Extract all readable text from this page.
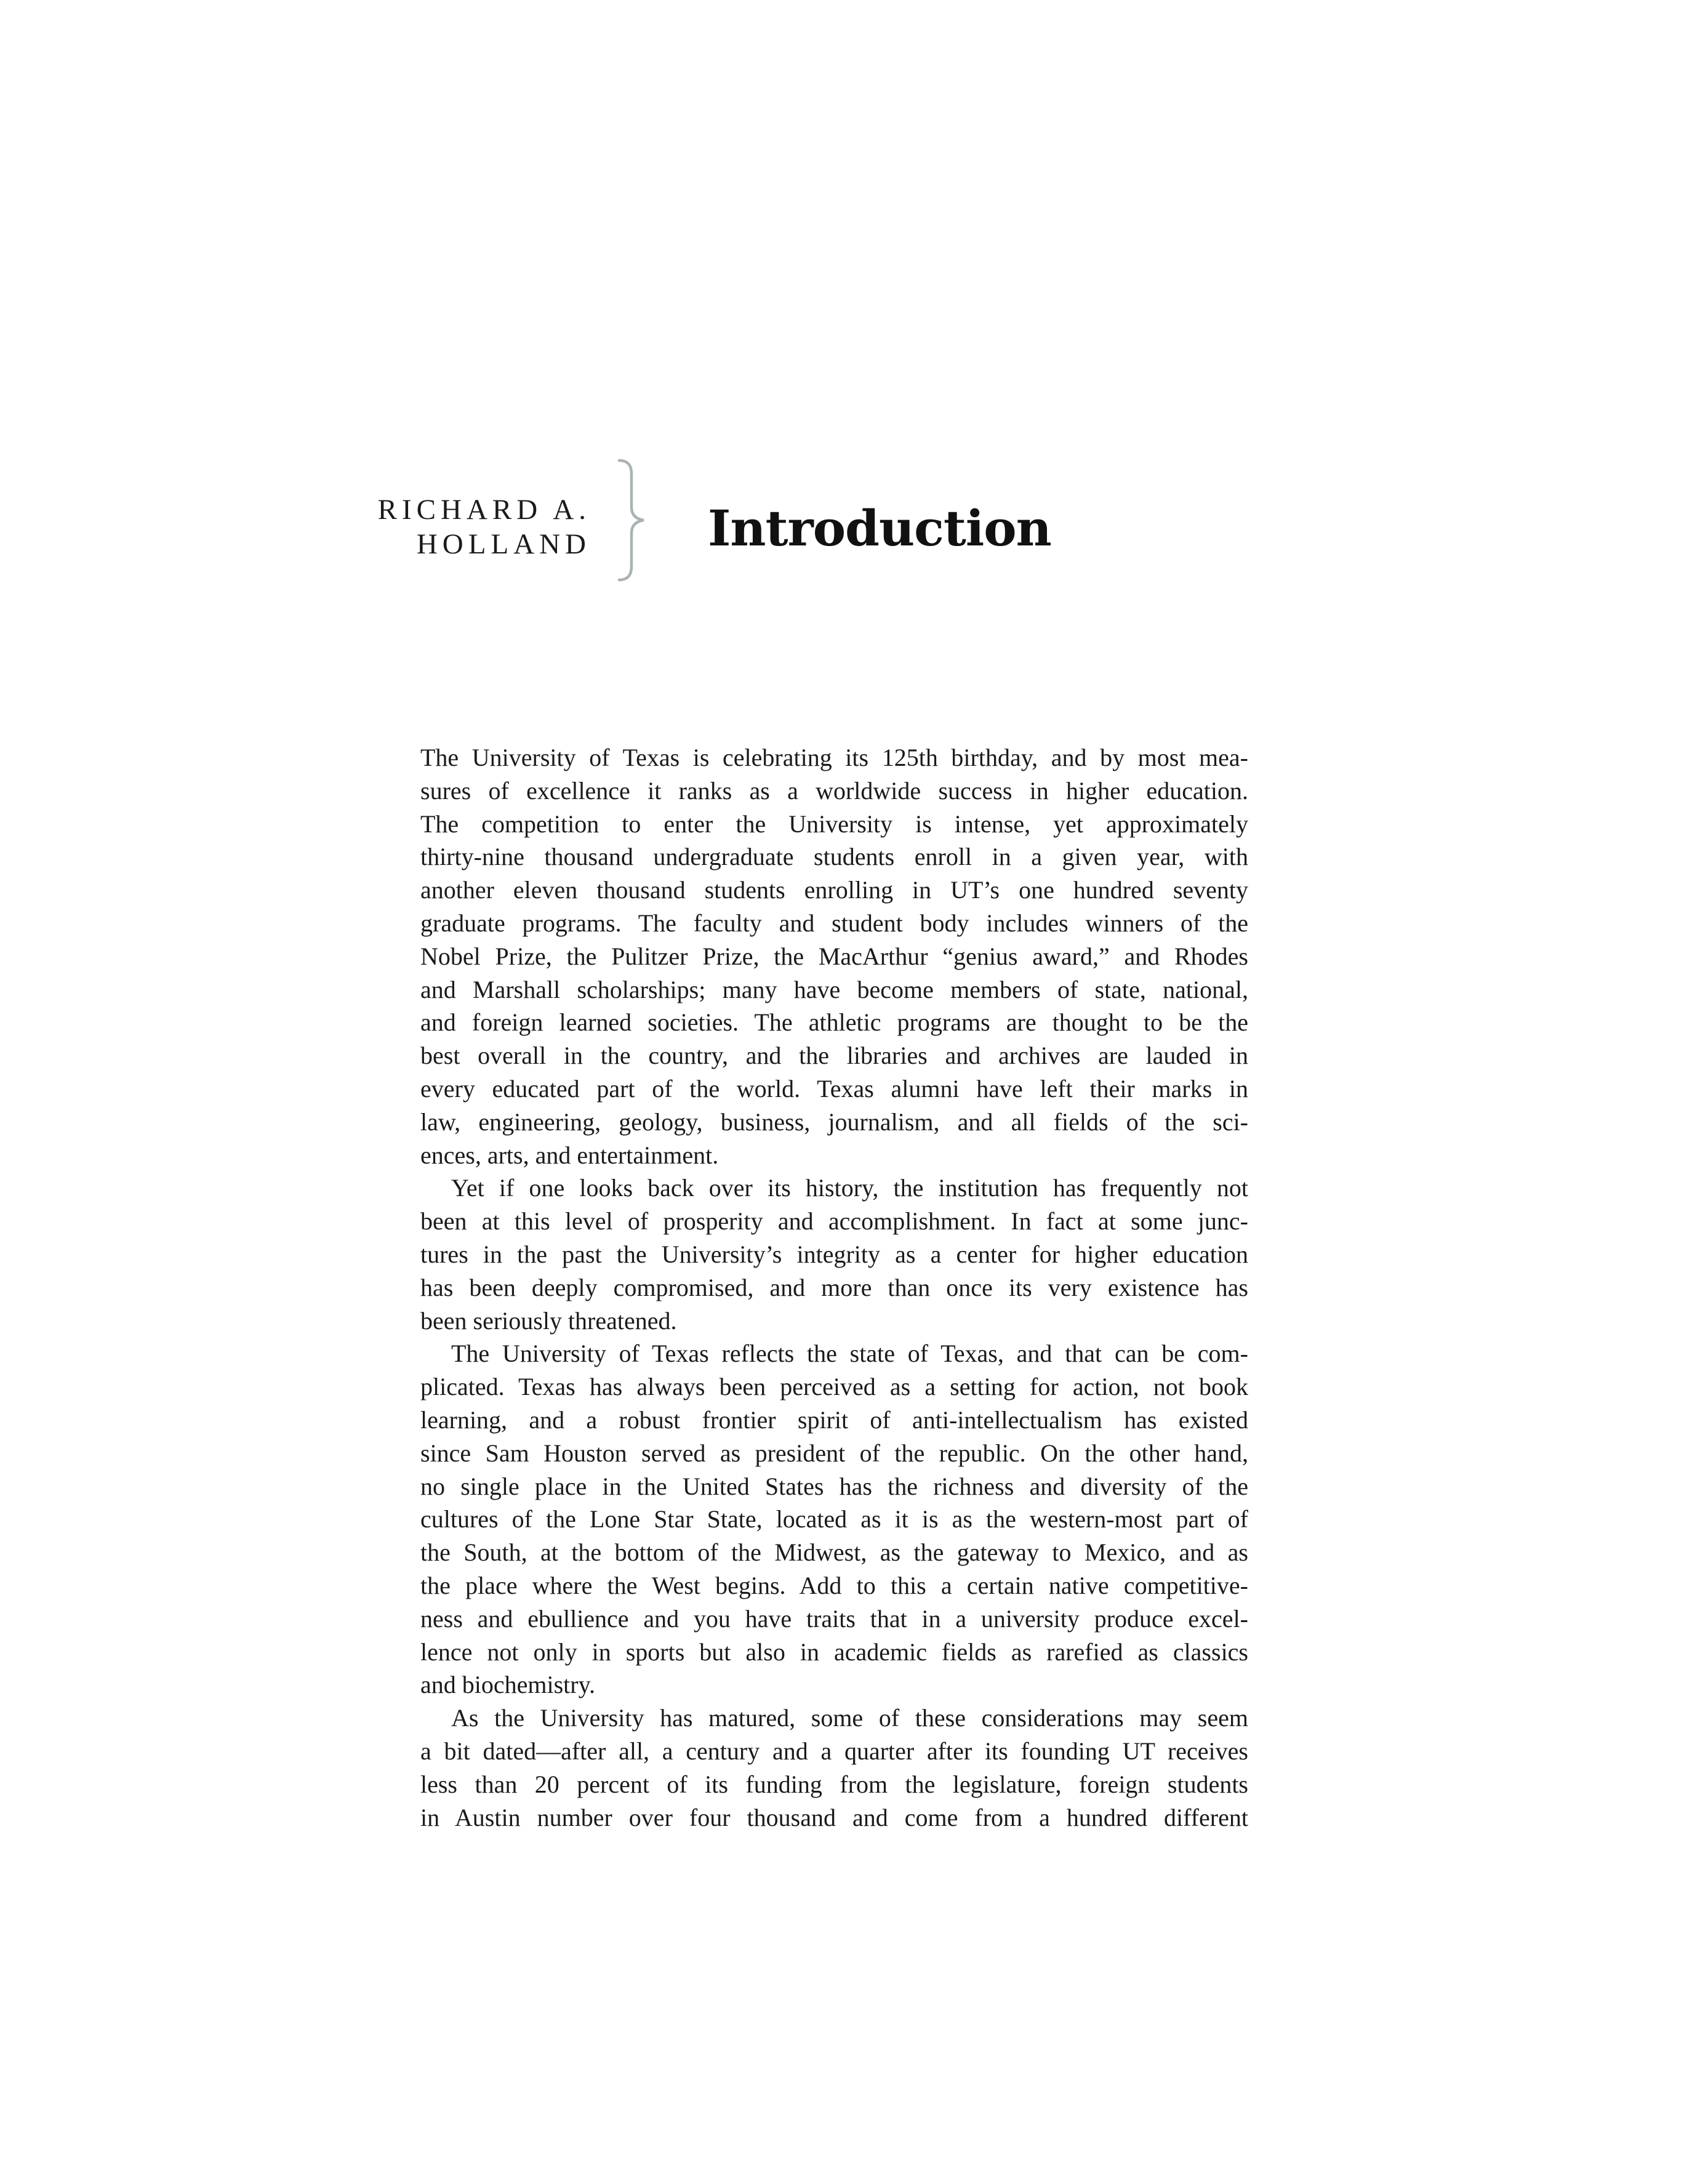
RICHARD A.
HOLLAND Introduction
The University of Texas is celebrating its 125th birthday, and by most mea-
sures of excellence it ranks as a worldwide success in higher education.
The competition to enter the University is intense, yet approximately
thirty-nine thousand undergraduate students enroll in a given year, with
another eleven thousand students enrolling in UT’s one hundred seventy
graduate programs. The faculty and student body includes winners of the
Nobel Prize, the Pulitzer Prize, the MacArthur “genius award,” and Rhodes
and Marshall scholarships; many have become members of state, national,
and foreign learned societies. The athletic programs are thought to be the
best overall in the country, and the libraries and archives are lauded in
every educated part of the world. Texas alumni have left their marks in
law, engineering, geology, business, journalism, and all fields of the sci-
ences, arts, and entertainment.
Yet if one looks back over its history, the institution has frequently not
been at this level of prosperity and accomplishment. In fact at some junc-
tures in the past the University’s integrity as a center for higher education
has been deeply compromised, and more than once its very existence has
been seriously threatened.
The University of Texas reflects the state of Texas, and that can be com-
plicated. Texas has always been perceived as a setting for action, not book
learning, and a robust frontier spirit of anti-intellectualism has existed
since Sam Houston served as president of the republic. On the other hand,
no single place in the United States has the richness and diversity of the
cultures of the Lone Star State, located as it is as the western-most part of
the South, at the bottom of the Midwest, as the gateway to Mexico, and as
the place where the West begins. Add to this a certain native competitive-
ness and ebullience and you have traits that in a university produce excel-
lence not only in sports but also in academic fields as rarefied as classics
and biochemistry.
As the University has matured, some of these considerations may seem
a bit dated—after all, a century and a quarter after its founding UT receives
less than 20 percent of its funding from the legislature, foreign students
in Austin number over four thousand and come from a hundred different
